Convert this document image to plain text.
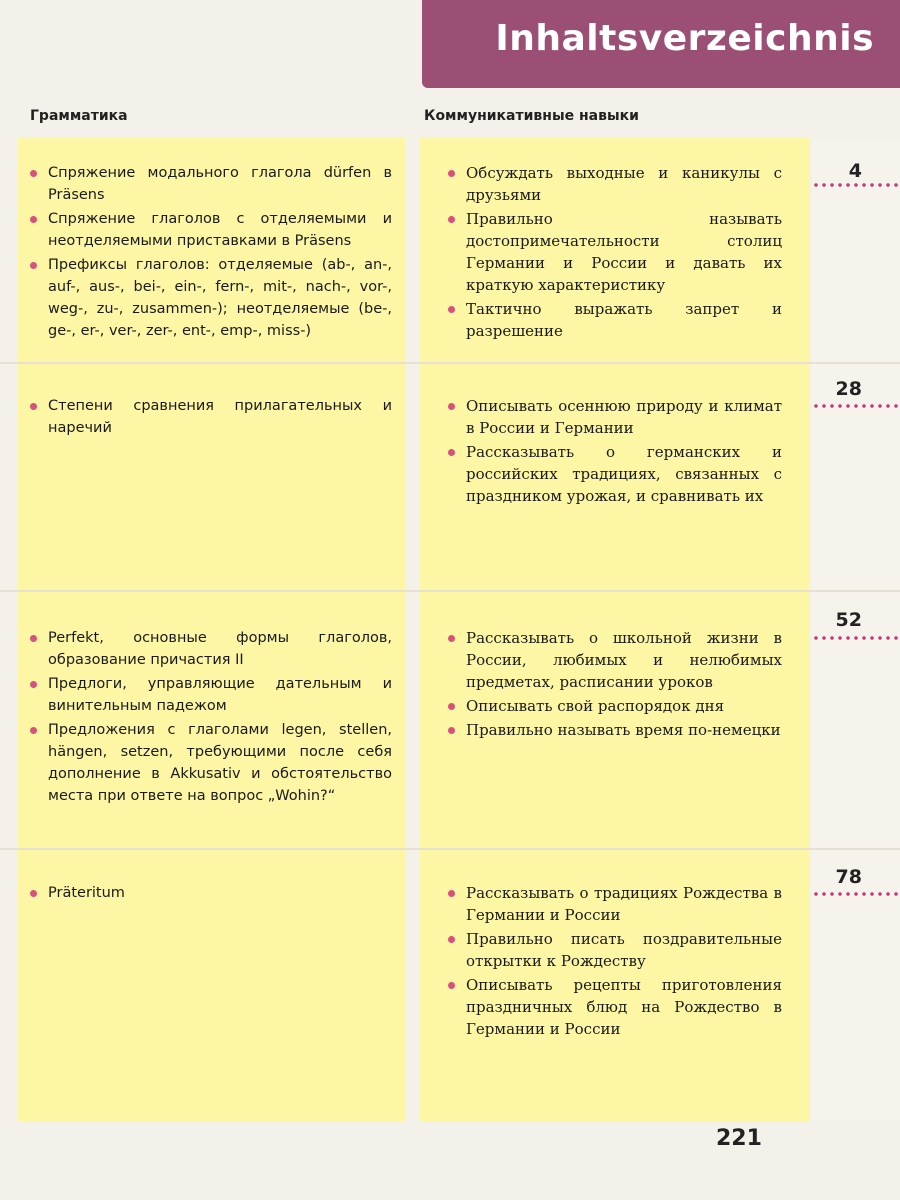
Inhaltsverzeichnis
Грамматика	Коммуникативные навыки
Спряжение модального глагола dürfen в Präsens
Спряжение глаголов с отделяемыми и неотделяемыми приставками в Präsens
Префиксы глаголов: отделяемые (ab-, an-, auf-, aus-, bei-, ein-, fern-, mit-, nach-, vor-, weg-, zu-, zusammen-); неотделяемые (be-, ge-, er-, ver-, zer-, ent-, emp-, miss-)
Обсуждать выходные и каникулы с друзьями
Правильно называть достопримечательности столиц Германии и России и давать их краткую характеристику
Тактично выражать запрет и разрешение
4
Степени сравнения прилагательных и наречий
Описывать осеннюю природу и климат в России и Германии
Рассказывать о германских и российских традициях, связанных с праздником урожая, и сравнивать их
28
Perfekt, основные формы глаголов, образование причастия II
Предлоги, управляющие дательным и винительным падежом
Предложения с глаголами legen, stellen, hängen, setzen, требующими после себя дополнение в Akkusativ и обстоятельство места при ответе на вопрос „Wohin?“
Рассказывать о школьной жизни в России, любимых и нелюбимых предметах, расписании уроков
Описывать свой распорядок дня
Правильно называть время по-немецки
52
Präteritum	Рассказывать о традициях Рождества в Германии и России
Правильно писать поздравительные открытки к Рождеству
Описывать рецепты приготовления праздничных блюд на Рождество в Германии и России
78
221
